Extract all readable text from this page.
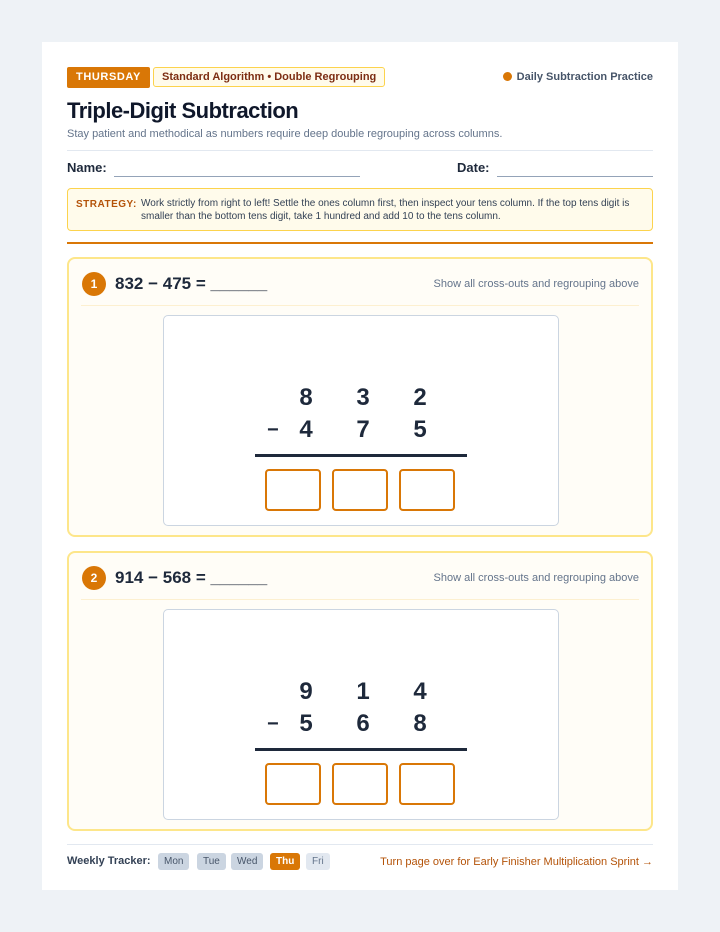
THURSDAY	Standard Algorithm • Double Regrouping	Daily Subtraction Practice
Triple-Digit Subtraction
Stay patient and methodical as numbers require deep double regrouping across columns.
Name:	Date:
STRATEGY: Work strictly from right to left! Settle the ones column first, then inspect your tens column. If the top tens digit is smaller than the bottom tens digit, take 1 hundred and add 10 to the tens column.
1	832 − 475 = ______	Show all cross-outs and regrouping above
8 3 2
− 4 7 5
2	914 − 568 = ______	Show all cross-outs and regrouping above
9 1 4
− 5 6 8
Weekly Tracker:	Mon	Tue	Wed	Thu	Fri	Turn page over for Early Finisher Multiplication Sprint →
